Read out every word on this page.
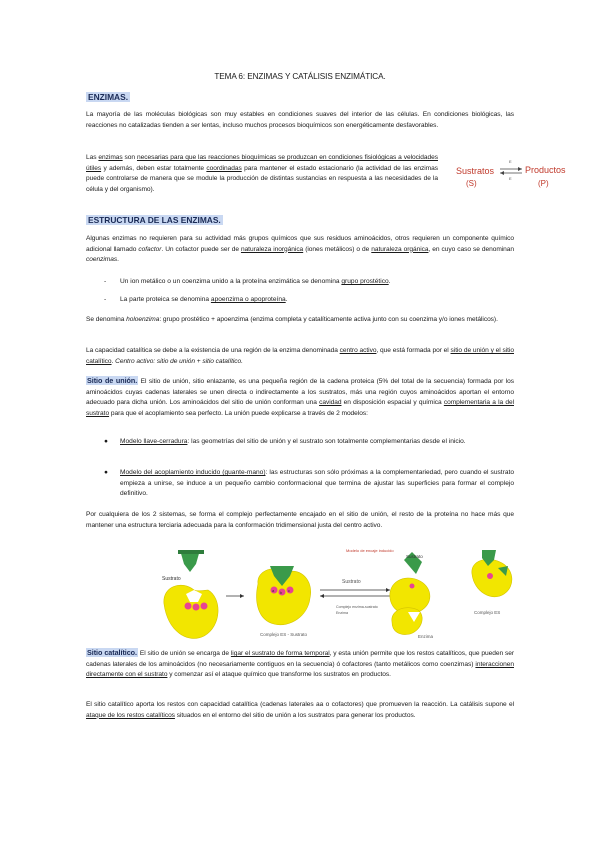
TEMA 6: ENZIMAS Y CATÁLISIS ENZIMÁTICA.
ENZIMAS.
La mayoría de las moléculas biológicas son muy estables en condiciones suaves del interior de las células. En condiciones biológicas, las reacciones no catalizadas tienden a ser lentas, incluso muchos procesos bioquímicos son energéticamente desfavorables.
Las enzimas son necesarias para que las reacciones bioquímicas se produzcan en condiciones fisiológicas a velocidades útiles y además, deben estar totalmente coordinadas para mantener el estado estacionario (la actividad de las enzimas puede controlarse de manera que se module la producción de distintas sustancias en respuesta a las necesidades de la célula y del organismo).
E
Sustratos
(S)
E
Productos
(P)
ESTRUCTURA DE LAS ENZIMAS.
Algunas enzimas no requieren para su actividad más grupos químicos que sus residuos aminoácidos, otros requieren un componente químico adicional llamado cofactor. Un cofactor puede ser de naturaleza inorgánica (iones metálicos) o de naturaleza orgánica, en cuyo caso se denominan coenzimas.
- Un ion metálico o un coenzima unido a la proteína enzimática se denomina grupo prostético.
- La parte proteica se denomina apoenzima o apoproteína.
Se denomina holoenzima: grupo prostético + apoenzima (enzima completa y catalíticamente activa junto con su coenzima y/o iones metálicos).
La capacidad catalítica se debe a la existencia de una región de la enzima denominada centro activo, que está formada por el sitio de unión y el sitio catalítico. Centro activo: sitio de unión + sitio catalítico.
Sitio de unión. El sitio de unión, sitio enlazante, es una pequeña región de la cadena proteica (5% del total de la secuencia) formada por los aminoácidos cuyas cadenas laterales se unen directa o indirectamente a los sustratos, más una región cuyos aminoácidos aportan el entorno adecuado para dicha unión. Los aminoácidos del sitio de unión conforman una cavidad en disposición espacial y química complementaria a la del sustrato para que el acoplamiento sea perfecto. La unión puede explicarse a través de 2 modelos:
● Modelo llave-cerradura: las geometrías del sitio de unión y el sustrato son totalmente complementarias desde el inicio.
● Modelo del acoplamiento inducido (guante-mano): las estructuras son sólo próximas a la complementariedad, pero cuando el sustrato empieza a unirse, se induce a un pequeño cambio conformacional que termina de ajustar las superficies para formar el complejo definitivo.
Por cualquiera de los 2 sistemas, se forma el complejo perfectamente encajado en el sitio de unión, el resto de la proteína no hace más que mantener una estructura terciaria adecuada para la conformación tridimensional justa del centro activo.
Modelo de encaje inducido
Sustrato
a b c
Complejo ES - Sustrato
Sustrato
Complejo enzima-sustrato
Enzima
Sustrato
Enzima
Complejo ES
Sitio catalítico. El sitio de unión se encarga de ligar el sustrato de forma temporal, y esta unión permite que los restos catalíticos, que pueden ser cadenas laterales de los aminoácidos (no necesariamente contiguos en la secuencia) ó cofactores (tanto metálicos como coenzimas) interaccionen directamente con el sustrato y comenzar así el ataque químico que transforme los sustratos en productos.
El sitio catalítico aporta los restos con capacidad catalítica (cadenas laterales aa o cofactores) que promueven la reacción. La catálisis supone el ataque de los restos catalíticos situados en el entorno del sitio de unión a los sustratos para generar los productos.
